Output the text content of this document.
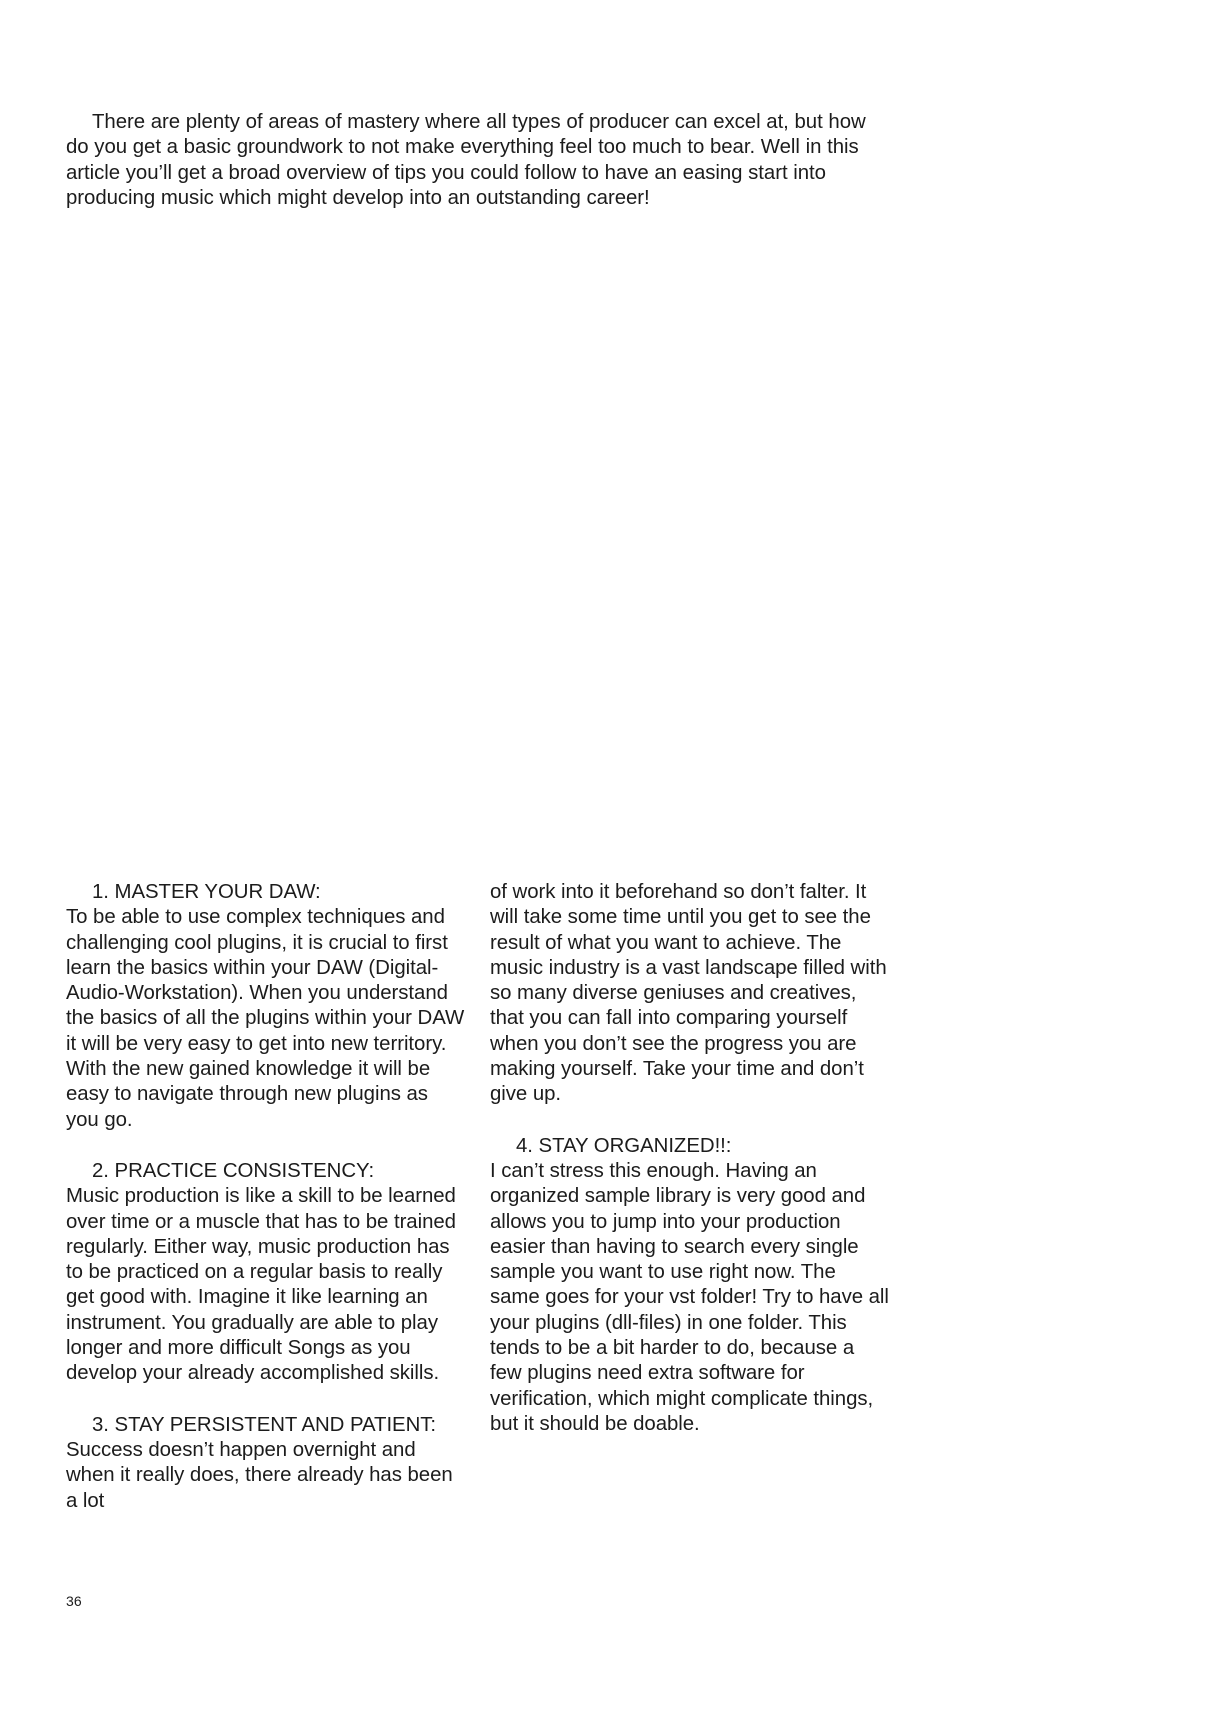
There are plenty of areas of mastery where all types of producer can excel at, but how do you get a basic groundwork to not make everything feel too much to bear. Well in this article you’ll get a broad overview of tips you could follow to have an easing start into producing music which might develop into an outstanding career!

1. MASTER YOUR DAW:

To be able to use complex techniques and challenging cool plugins, it is crucial to first learn the basics within your DAW (Digital-Audio-Workstation). When you understand the basics of all the plugins within your DAW it will be very easy to get into new territory. With the new gained knowledge it will be easy to navigate through new plugins as you go.

2. PRACTICE CONSISTENCY:

Music production is like a skill to be learned over time or a muscle that has to be trained regularly. Either way, music production has to be practiced on a regular basis to really get good with. Imagine it like learning an instrument. You gradually are able to play longer and more difficult Songs as you develop your already accomplished skills.

3. STAY PERSISTENT AND PATIENT:

Success doesn’t happen overnight and when it really does, there already has been a lot

of work into it beforehand so don’t falter. It will take some time until you get to see the result of what you want to achieve. The music industry is a vast landscape filled with so many diverse geniuses and creatives, that you can fall into comparing yourself when you don’t see the progress you are making yourself. Take your time and don’t give up.

4. STAY ORGANIZED!!:

I can’t stress this enough. Having an organized sample library is very good and allows you to jump into your production easier than having to search every single sample you want to use right now. The same goes for your vst folder! Try to have all your plugins (dll-files) in one folder. This tends to be a bit harder to do, because a few plugins need extra software for verification, which might complicate things, but it should be doable.

36
